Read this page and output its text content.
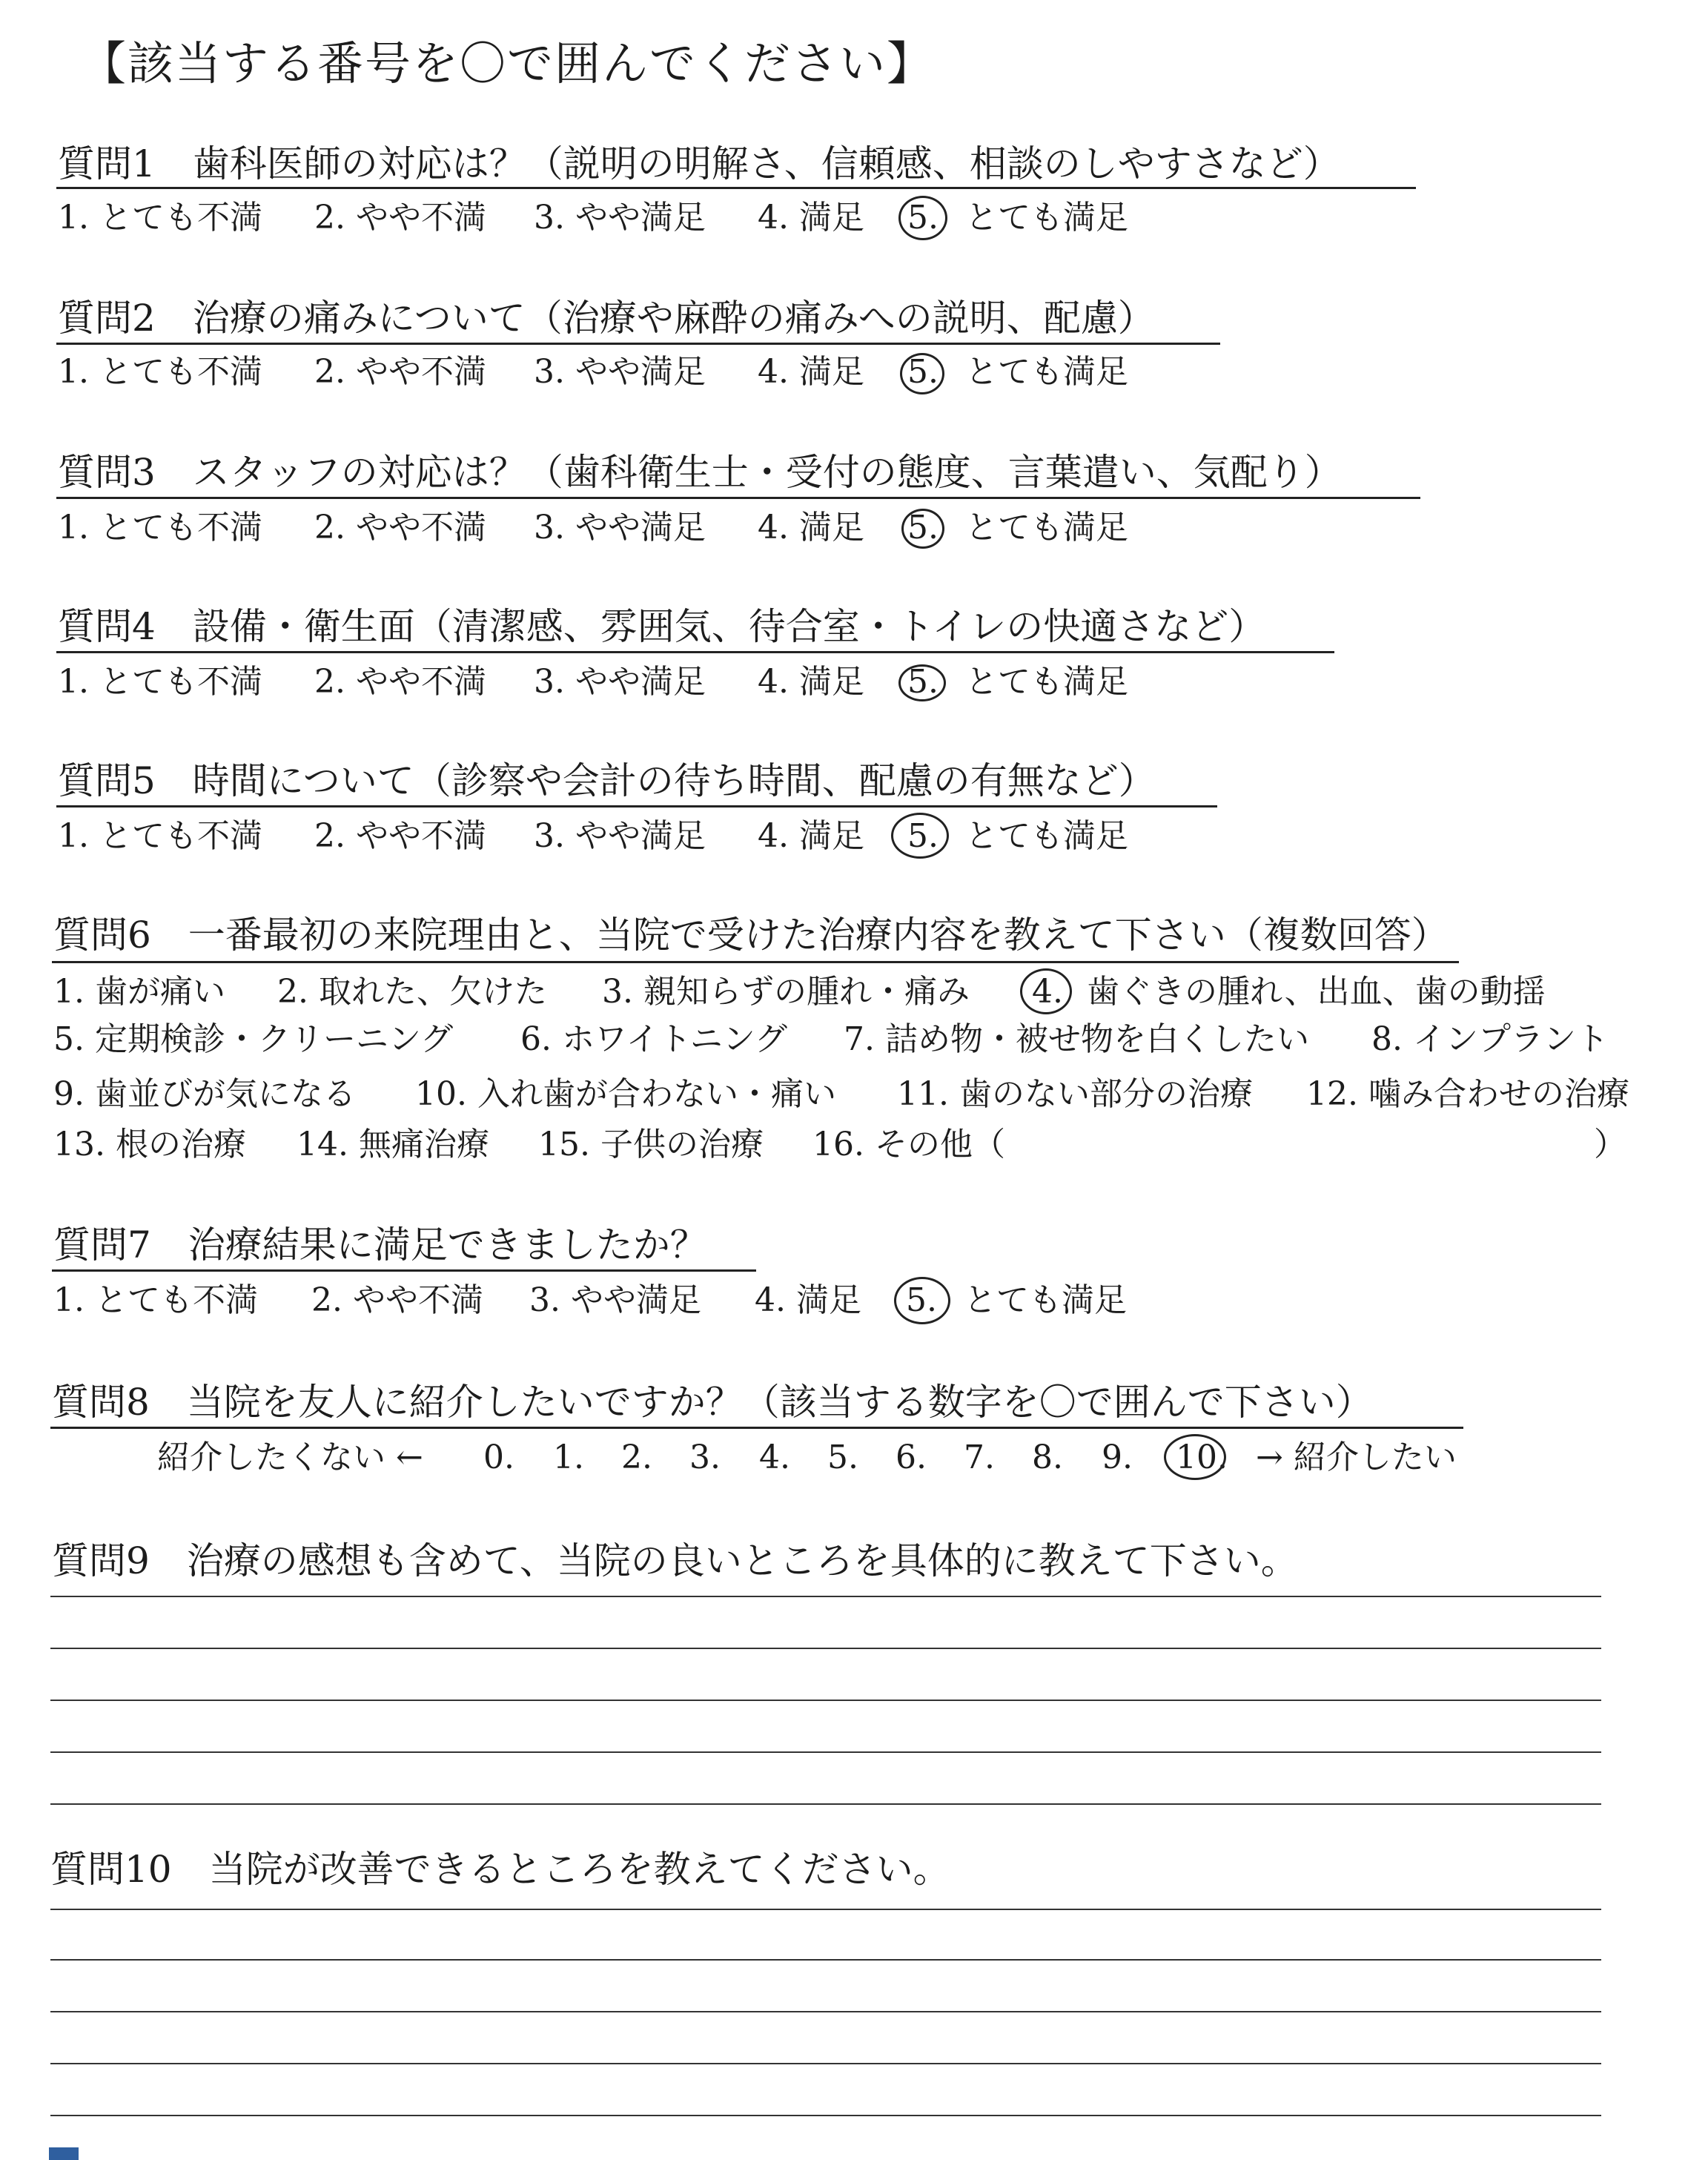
【該当する番号を〇で囲んでください】
質問1　歯科医師の対応は？（説明の明解さ、信頼感、相談のしやすさなど）
1. とても不満 2. やや不満 3. やや満足 4. 満足 5. とても満足
質問2　治療の痛みについて（治療や麻酔の痛みへの説明、配慮）
1. とても不満 2. やや不満 3. やや満足 4. 満足 5. とても満足
質問3　スタッフの対応は？（歯科衛生士・受付の態度、言葉遣い、気配り）
1. とても不満 2. やや不満 3. やや満足 4. 満足 5. とても満足
質問4　設備・衛生面（清潔感、雰囲気、待合室・トイレの快適さなど）
1. とても不満 2. やや不満 3. やや満足 4. 満足 5. とても満足
質問5　時間について（診察や会計の待ち時間、配慮の有無など）
1. とても不満 2. やや不満 3. やや満足 4. 満足 5. とても満足
質問6　一番最初の来院理由と、当院で受けた治療内容を教えて下さい（複数回答）
1. 歯が痛い 2. 取れた、欠けた 3. 親知らずの腫れ・痛み 4. 歯ぐきの腫れ、出血、歯の動揺
5. 定期検診・クリーニング 6. ホワイトニング 7. 詰め物・被せ物を白くしたい 8. インプラント
9. 歯並びが気になる 10. 入れ歯が合わない・痛い 11. 歯のない部分の治療 12. 噛み合わせの治療
13. 根の治療 14. 無痛治療 15. 子供の治療 16. その他（	）
質問7　治療結果に満足できましたか？
1. とても不満 2. やや不満 3. やや満足 4. 満足 5. とても満足
質問8　当院を友人に紹介したいですか？（該当する数字を〇で囲んで下さい）
紹介したくない ← 0. 1. 2. 3. 4. 5. 6. 7. 8. 9. 10. → 紹介したい
質問9　治療の感想も含めて、当院の良いところを具体的に教えて下さい。
質問10　当院が改善できるところを教えてください。
